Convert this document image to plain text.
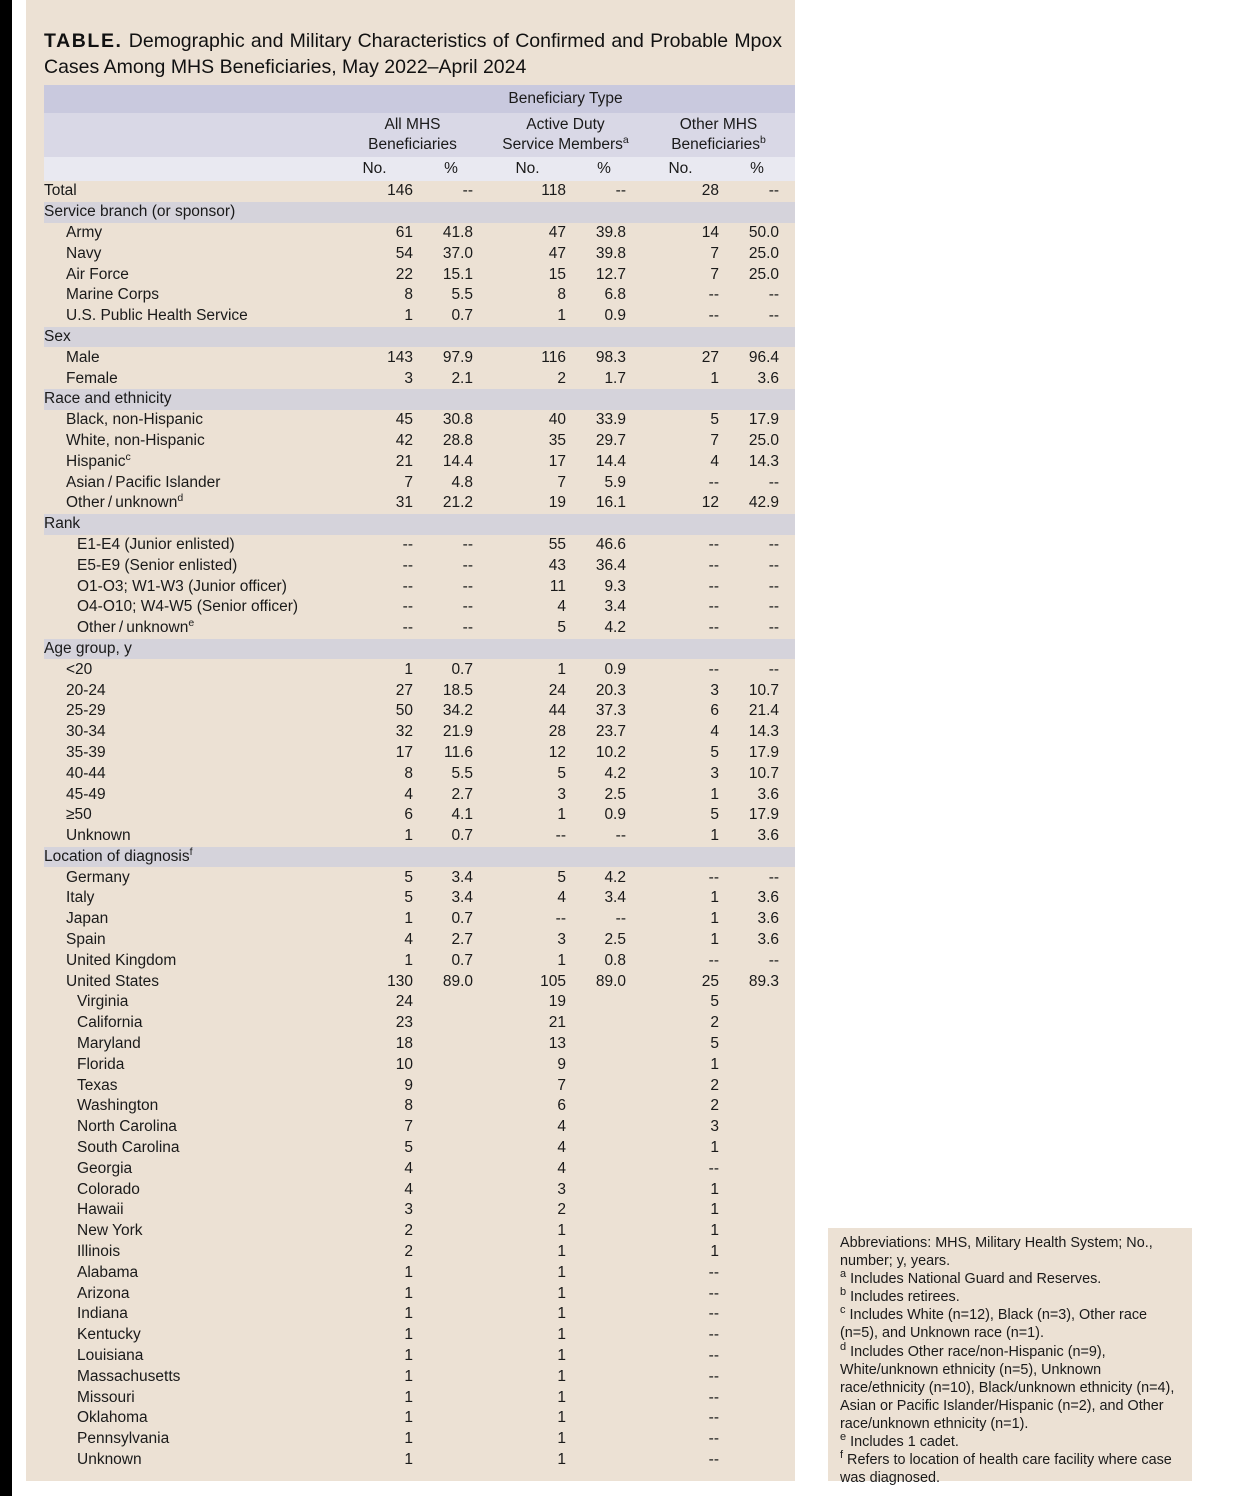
TABLE. Demographic and Military Characteristics of Confirmed and Probable Mpox Cases Among MHS Beneficiaries, May 2022–April 2024
	Beneficiary Type					

All MHS
Beneficiaries

Active Duty
Service Members$^a$

Other MHS
Beneficiaries$^b$

	No.	%	No.	%	No.	%
Total	146	--	118	--	28	--
Service branch (or sponsor)						
Army	61	41.8	47	39.8	14	50.0
Navy	54	37.0	47	39.8	7	25.0
Air Force	22	15.1	15	12.7	7	25.0
Marine Corps	8	5.5	8	6.8	--	--
U.S. Public Health Service	1	0.7	1	0.9	--	--
Sex						
Male	143	97.9	116	98.3	27	96.4
Female	3	2.1	2	1.7	1	3.6
Race and ethnicity						
Black, non-Hispanic	45	30.8	40	33.9	5	17.9
White, non-Hispanic	42	28.8	35	29.7	7	25.0
Hispanic$^c$	21	14.4	17	14.4	4	14.3
Asian / Pacific Islander	7	4.8	7	5.9	--	--
Other / unknown$^d$	31	21.2	19	16.1	12	42.9
Rank						
E1-E4 (Junior enlisted)	--	--	55	46.6	--	--
E5-E9 (Senior enlisted)	--	--	43	36.4	--	--
O1-O3; W1-W3 (Junior officer)	--	--	11	9.3	--	--
O4-O10; W4-W5 (Senior officer)	--	--	4	3.4	--	--
Other / unknown$^e$	--	--	5	4.2	--	--
Age group, y						
<20	1	0.7	1	0.9	--	--
20-24	27	18.5	24	20.3	3	10.7
25-29	50	34.2	44	37.3	6	21.4
30-34	32	21.9	28	23.7	4	14.3
35-39	17	11.6	12	10.2	5	17.9
40-44	8	5.5	5	4.2	3	10.7
45-49	4	2.7	3	2.5	1	3.6
≥50	6	4.1	1	0.9	5	17.9
Unknown	1	0.7	--	--	1	3.6
Location of diagnosis$^f$
Germany	5	3.4	5	4.2	--	--
Italy	5	3.4	4	3.4	1	3.6
Japan	1	0.7	--	--	1	3.6
Spain	4	2.7	3	2.5	1	3.6
United Kingdom	1	0.7	1	0.8	--	--
United States	130	89.0	105	89.0	25	89.3
Virginia	24		19		5	
California	23		21		2	
Maryland	18		13		5	
Florida	10		9		1	
Texas	9		7		2	
Washington	8		6		2	
North Carolina	7		4		3	
South Carolina	5		4		1	
Georgia	4		4		--	
Colorado	4		3		1	
Hawaii	3		2		1	
New York	2		1		1	
Illinois	2		1		1	
Alabama	1		1		--	
Arizona	1		1		--	
Indiana	1		1		--	
Kentucky	1		1		--	
Louisiana	1		1		--	
Massachusetts	1		1		--	
Missouri	1		1		--	
Oklahoma	1		1		--	
Pennsylvania	1		1		--	
Unknown	1		1		--	

Abbreviations: MHS, Military Health System; No., number; y, years.

$^a$ Includes National Guard and Reserves.

$^b$ Includes retirees.

$^c$ Includes White (n=12), Black (n=3), Other race (n=5), and Unknown race (n=1).

$^d$ Includes Other race/non-Hispanic (n=9), White/unknown ethnicity (n=5), Unknown race/ethnicity (n=10), Black/unknown ethnicity (n=4), Asian or Pacific Islander/Hispanic (n=2), and Other race/unknown ethnicity (n=1).

$^e$ Includes 1 cadet.

$^f$ Refers to location of health care facility where case was diagnosed.
